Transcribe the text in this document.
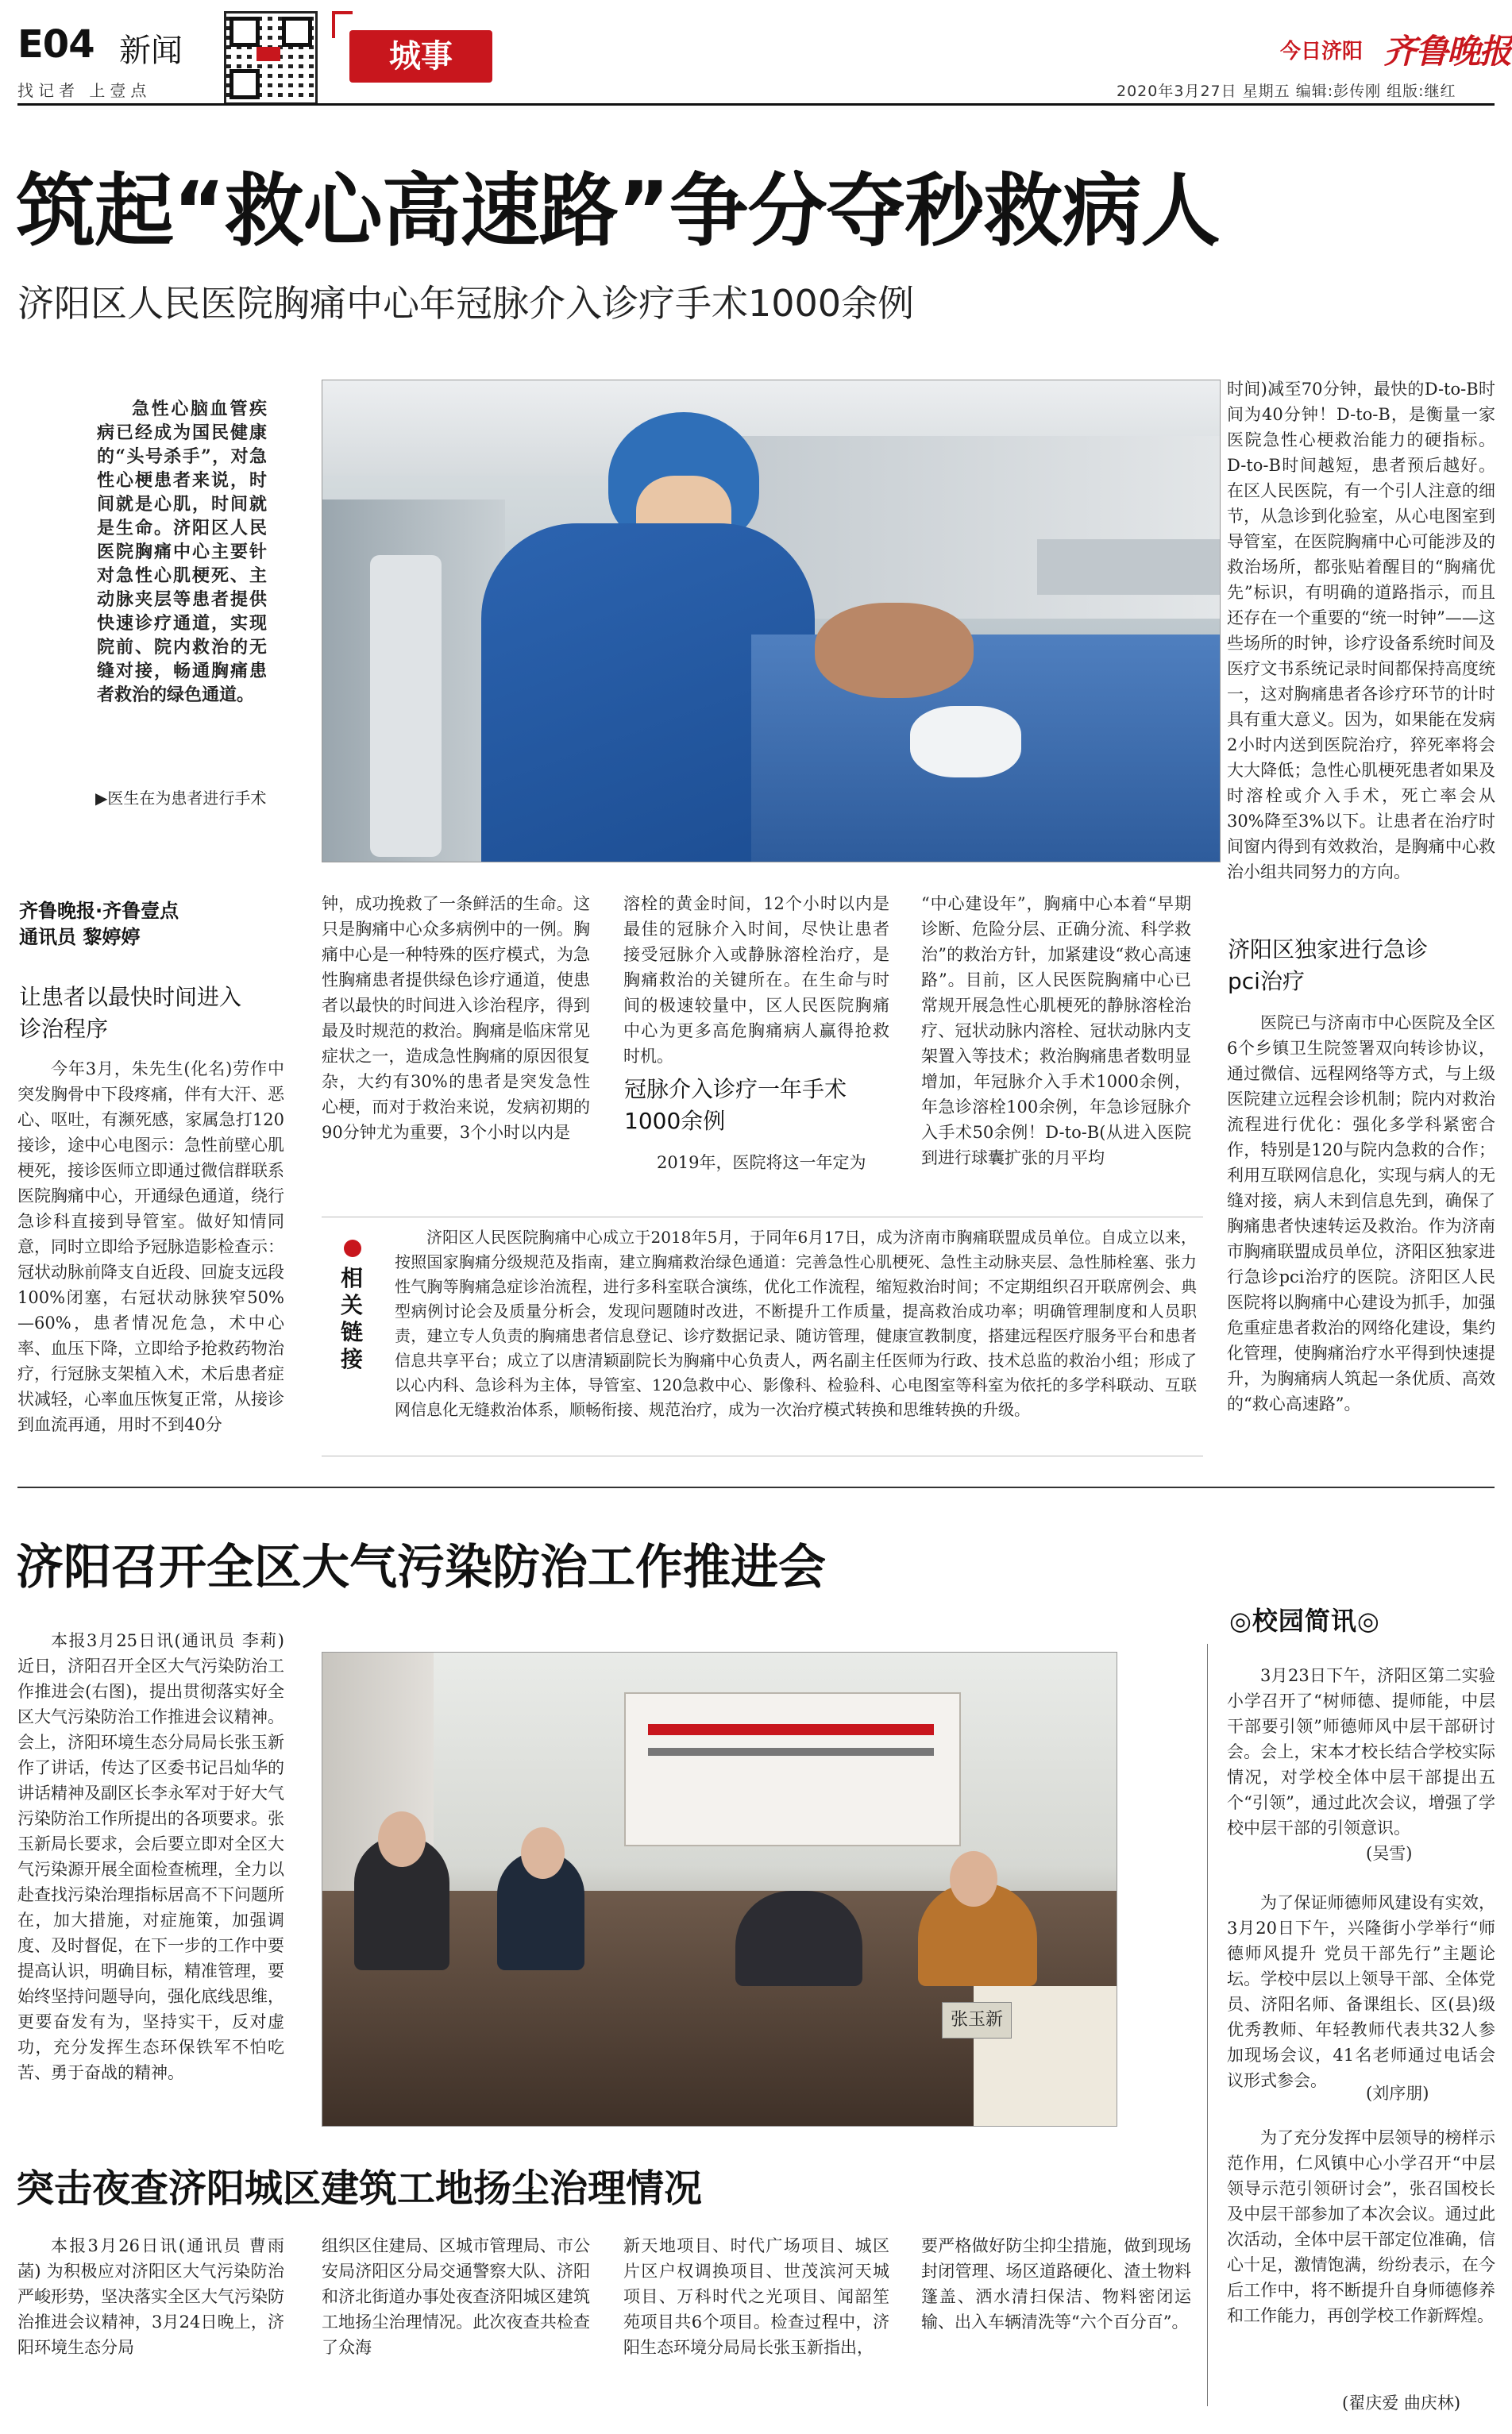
E04 新闻
找记者 上壹点
城事	今日济阳 齐鲁晚报
2020年3月27日 星期五 编辑:彭传刚 组版:继红
筑起“救心高速路”争分夺秒救病人
济阳区人民医院胸痛中心年冠脉介入诊疗手术1000余例

急性心脑血管疾病已经成为国民健康的“头号杀手”，对急性心梗患者来说，时间就是心肌，时间就是生命。济阳区人民医院胸痛中心主要针对急性心肌梗死、主动脉夹层等患者提供快速诊疗通道，实现院前、院内救治的无缝对接，畅通胸痛患者救治的绿色通道。

▶医生在为患者进行手术
齐鲁晚报·齐鲁壹点
通讯员 黎婷婷
让患者以最快时间进入诊治程序

今年3月，朱先生(化名)劳作中突发胸骨中下段疼痛，伴有大汗、恶心、呕吐，有濒死感，家属急打120接诊，途中心电图示：急性前壁心肌梗死，接诊医师立即通过微信群联系医院胸痛中心，开通绿色通道，绕行急诊科直接到导管室。做好知情同意，同时立即给予冠脉造影检查示：冠状动脉前降支自近段、回旋支远段100%闭塞，右冠状动脉狭窄50%—60%，患者情况危急，术中心率、血压下降，立即给予抢救药物治疗，行冠脉支架植入术，术后患者症状减轻，心率血压恢复正常，从接诊到血流再通，用时不到40分

钟，成功挽救了一条鲜活的生命。这只是胸痛中心众多病例中的一例。胸痛中心是一种特殊的医疗模式，为急性胸痛患者提供绿色诊疗通道，使患者以最快的时间进入诊治程序，得到最及时规范的救治。胸痛是临床常见症状之一，造成急性胸痛的原因很复杂，大约有30%的患者是突发急性心梗，而对于救治来说，发病初期的90分钟尤为重要，3个小时以内是

溶栓的黄金时间，12个小时以内是最佳的冠脉介入时间，尽快让患者接受冠脉介入或静脉溶栓治疗，是胸痛救治的关键所在。在生命与时间的极速较量中，区人民医院胸痛中心为更多高危胸痛病人赢得抢救时机。

冠脉介入诊疗一年手术1000余例

2019年，医院将这一年定为

“中心建设年”，胸痛中心本着“早期诊断、危险分层、正确分流、科学救治”的救治方针，加紧建设“救心高速路”。目前，区人民医院胸痛中心已常规开展急性心肌梗死的静脉溶栓治疗、冠状动脉内溶栓、冠状动脉内支架置入等技术；救治胸痛患者数明显增加，年冠脉介入手术1000余例，年急诊溶栓100余例，年急诊冠脉介入手术50余例！D-to-B(从进入医院到进行球囊扩张的月平均

时间)减至70分钟，最快的D-to-B时间为40分钟！D-to-B，是衡量一家医院急性心梗救治能力的硬指标。D-to-B时间越短，患者预后越好。在区人民医院，有一个引人注意的细节，从急诊到化验室，从心电图室到导管室，在医院胸痛中心可能涉及的救治场所，都张贴着醒目的“胸痛优先”标识，有明确的道路指示，而且还存在一个重要的“统一时钟”——这些场所的时钟，诊疗设备系统时间及医疗文书系统记录时间都保持高度统一，这对胸痛患者各诊疗环节的计时具有重大意义。因为，如果能在发病2小时内送到医院治疗，猝死率将会大大降低；急性心肌梗死患者如果及时溶栓或介入手术，死亡率会从30%降至3%以下。让患者在治疗时间窗内得到有效救治，是胸痛中心救治小组共同努力的方向。

济阳区独家进行急诊pci治疗

医院已与济南市中心医院及全区6个乡镇卫生院签署双向转诊协议，通过微信、远程网络等方式，与上级医院建立远程会诊机制；院内对救治流程进行优化：强化多学科紧密合作，特别是120与院内急救的合作；利用互联网信息化，实现与病人的无缝对接，病人未到信息先到，确保了胸痛患者快速转运及救治。作为济南市胸痛联盟成员单位，济阳区独家进行急诊pci治疗的医院。济阳区人民医院将以胸痛中心建设为抓手，加强危重症患者救治的网络化建设，集约化管理，使胸痛治疗水平得到快速提升，为胸痛病人筑起一条优质、高效的“救心高速路”。

相关链接
济阳区人民医院胸痛中心成立于2018年5月，于同年6月17日，成为济南市胸痛联盟成员单位。自成立以来，按照国家胸痛分级规范及指南，建立胸痛救治绿色通道：完善急性心肌梗死、急性主动脉夹层、急性肺栓塞、张力性气胸等胸痛急症诊治流程，进行多科室联合演练，优化工作流程，缩短救治时间；不定期组织召开联席例会、典型病例讨论会及质量分析会，发现问题随时改进，不断提升工作质量，提高救治成功率；明确管理制度和人员职责，建立专人负责的胸痛患者信息登记、诊疗数据记录、随访管理，健康宣教制度，搭建远程医疗服务平台和患者信息共享平台；成立了以唐清颖副院长为胸痛中心负责人，两名副主任医师为行政、技术总监的救治小组；形成了以心内科、急诊科为主体，导管室、120急救中心、影像科、检验科、心电图室等科室为依托的多学科联动、互联网信息化无缝救治体系，顺畅衔接、规范治疗，成为一次治疗模式转换和思维转换的升级。
济阳召开全区大气污染防治工作推进会

本报3月25日讯(通讯员 李莉) 近日，济阳召开全区大气污染防治工作推进会(右图)，提出贯彻落实好全区大气污染防治工作推进会议精神。会上，济阳环境生态分局局长张玉新作了讲话，传达了区委书记吕灿华的讲话精神及副区长李永军对于好大气污染防治工作所提出的各项要求。张玉新局长要求，会后要立即对全区大气污染源开展全面检查梳理，全力以赴查找污染治理指标居高不下问题所在，加大措施，对症施策，加强调度、及时督促，在下一步的工作中要提高认识，明确目标，精准管理，要始终坚持问题导向，强化底线思维，更要奋发有为，坚持实干，反对虚功，充分发挥生态环保铁军不怕吃苦、勇于奋战的精神。

张玉新
◎校园简讯◎

3月23日下午，济阳区第二实验小学召开了“树师德、提师能，中层干部要引领”师德师风中层干部研讨会。会上，宋本才校长结合学校实际情况，对学校全体中层干部提出五个“引领”，通过此次会议，增强了学校中层干部的引领意识。

(吴雪)

为了保证师德师风建设有实效，3月20日下午，兴隆街小学举行“师德师风提升 党员干部先行”主题论坛。学校中层以上领导干部、全体党员、济阳名师、备课组长、区(县)级优秀教师、年轻教师代表共32人参加现场会议，41名老师通过电话会议形式参会。

(刘序朋)

为了充分发挥中层领导的榜样示范作用，仁风镇中心小学召开“中层领导示范引领研讨会”，张召国校长及中层干部参加了本次会议。通过此次活动，全体中层干部定位准确，信心十足，激情饱满，纷纷表示，在今后工作中，将不断提升自身师德修养和工作能力，再创学校工作新辉煌。

(翟庆爱 曲庆林)
突击夜查济阳城区建筑工地扬尘治理情况

本报3月26日讯(通讯员 曹雨菡) 为积极应对济阳区大气污染防治严峻形势，坚决落实全区大气污染防治推进会议精神，3月24日晚上，济阳环境生态分局

组织区住建局、区城市管理局、市公安局济阳区分局交通警察大队、济阳和济北街道办事处夜查济阳城区建筑工地扬尘治理情况。此次夜查共检查了众海

新天地项目、时代广场项目、城区片区户权调换项目、世茂滨河天城项目、万科时代之光项目、闻韶笙苑项目共6个项目。检查过程中，济阳生态环境分局局长张玉新指出，

要严格做好防尘抑尘措施，做到现场封闭管理、场区道路硬化、渣土物料篷盖、洒水清扫保洁、物料密闭运输、出入车辆清洗等“六个百分百”。
